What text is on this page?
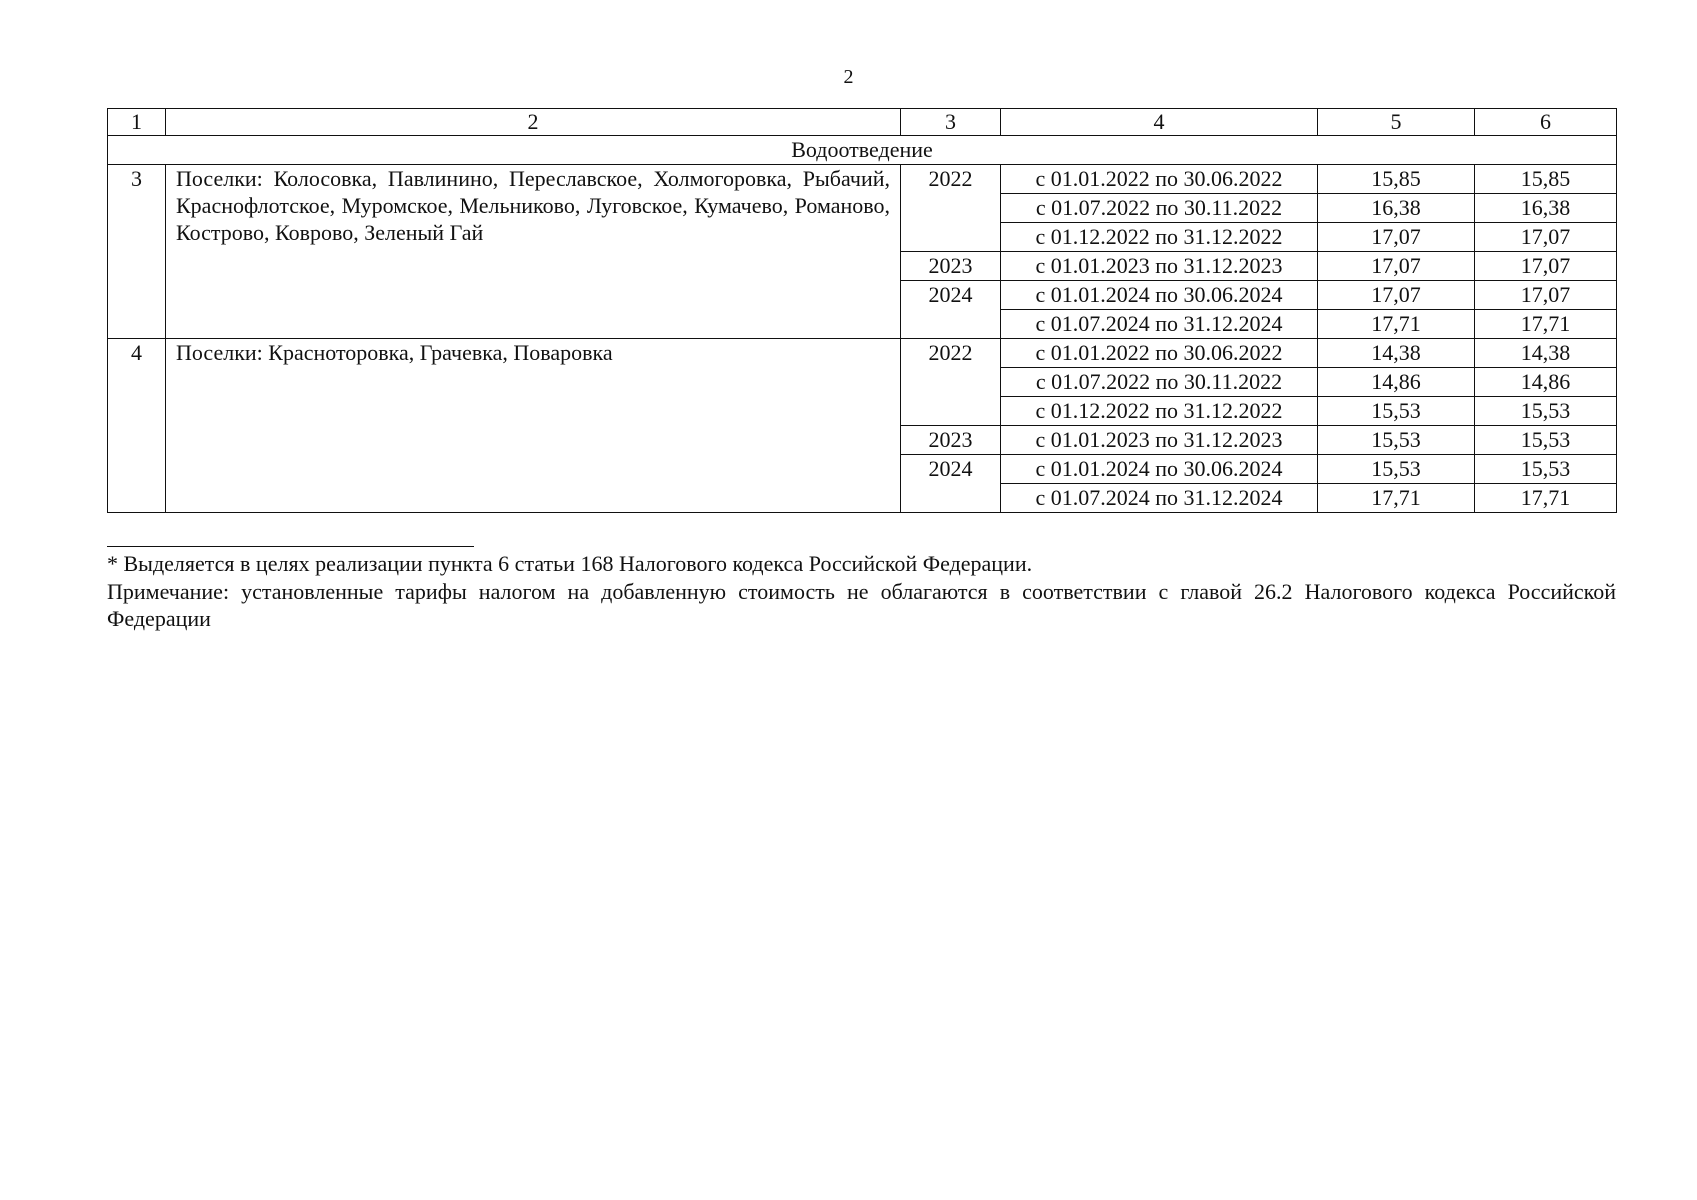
2
1	2	3	4	5	6
Водоотведение					
3	Поселки: Колосовка, Павлинино, Переславское, Холмогоровка, Рыбачий, Краснофлотское, Муромское, Мельниково, Луговское, Кумачево, Романово, Кострово, Коврово, Зеленый Гай	2022	с 01.01.2022 по 30.06.2022	15,85	15,85
			с 01.07.2022 по 30.11.2022	16,38	16,38
			с 01.12.2022 по 31.12.2022	17,07	17,07
		2023	с 01.01.2023 по 31.12.2023	17,07	17,07
		2024	с 01.01.2024 по 30.06.2024	17,07	17,07
			с 01.07.2024 по 31.12.2024	17,71	17,71
4	Поселки: Красноторовка, Грачевка, Поваровка	2022	с 01.01.2022 по 30.06.2022	14,38	14,38
			с 01.07.2022 по 30.11.2022	14,86	14,86
			с 01.12.2022 по 31.12.2022	15,53	15,53
		2023	с 01.01.2023 по 31.12.2023	15,53	15,53
		2024	с 01.01.2024 по 30.06.2024	15,53	15,53
			с 01.07.2024 по 31.12.2024	17,71	17,71
* Выделяется в целях реализации пункта 6 статьи 168 Налогового кодекса Российской Федерации.
Примечание: установленные тарифы налогом на добавленную стоимость не облагаются в соответствии с главой 26.2 Налогового кодекса Российской Федерации
